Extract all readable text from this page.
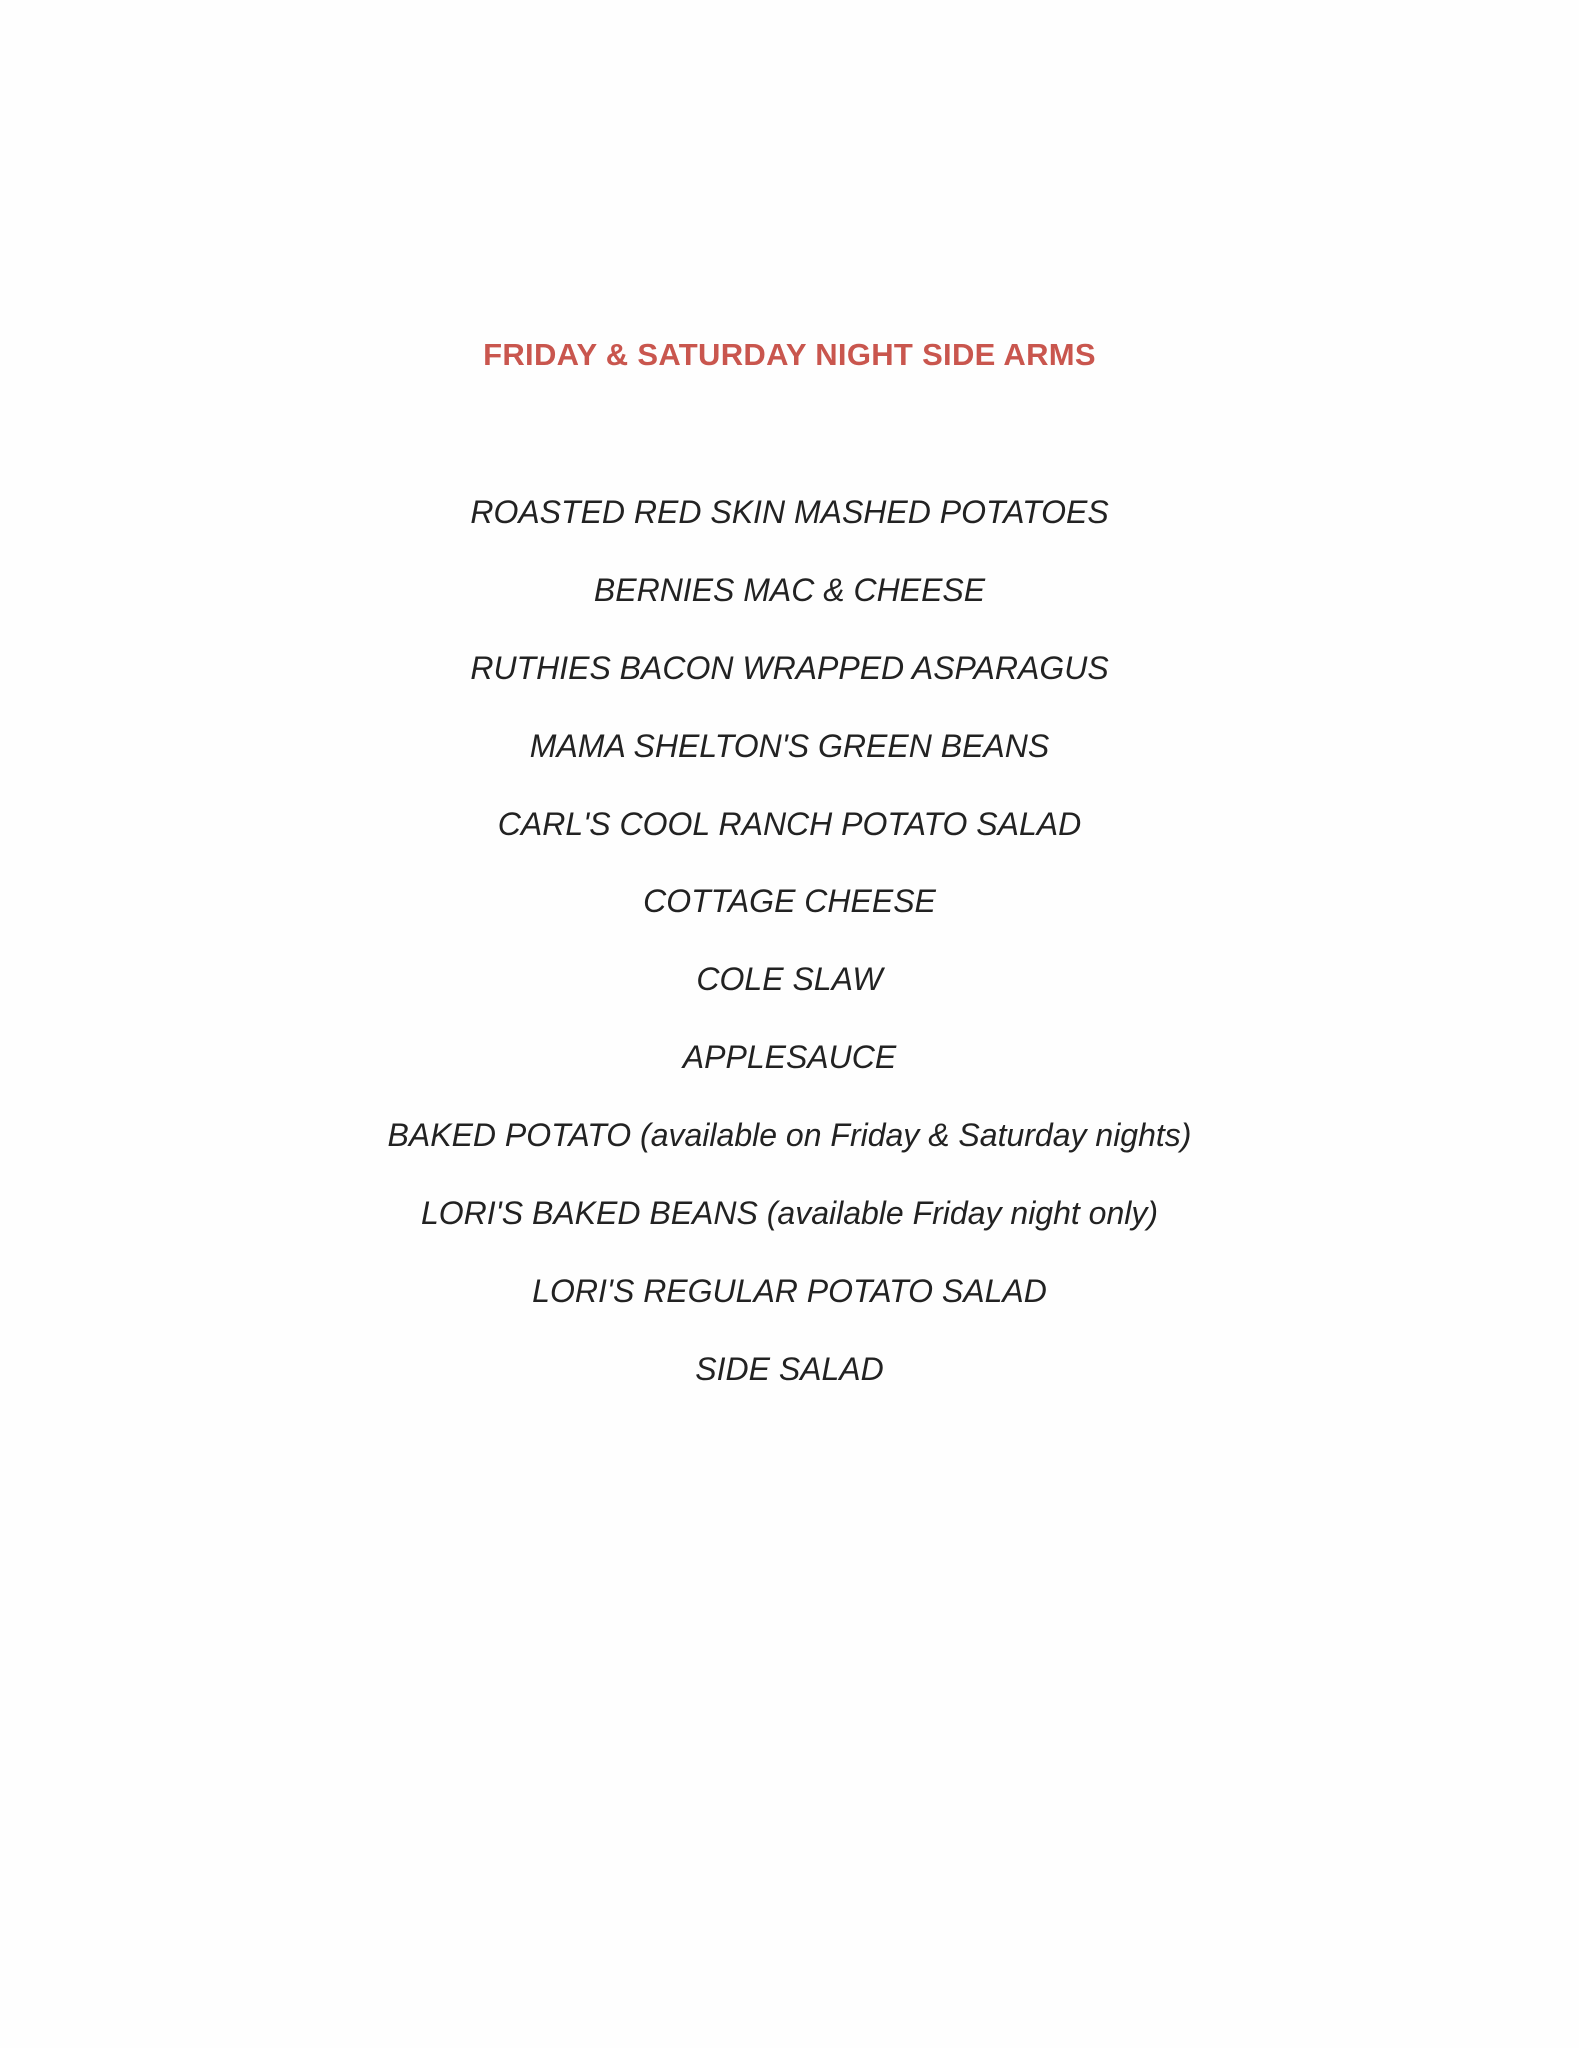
FRIDAY & SATURDAY NIGHT SIDE ARMS
ROASTED RED SKIN MASHED POTATOES
BERNIES MAC & CHEESE
RUTHIES BACON WRAPPED ASPARAGUS
MAMA SHELTON'S GREEN BEANS
CARL'S COOL RANCH POTATO SALAD
COTTAGE CHEESE
COLE SLAW
APPLESAUCE
BAKED POTATO (available on Friday & Saturday nights)
LORI'S BAKED BEANS (available Friday night only)
LORI'S REGULAR POTATO SALAD
SIDE SALAD
